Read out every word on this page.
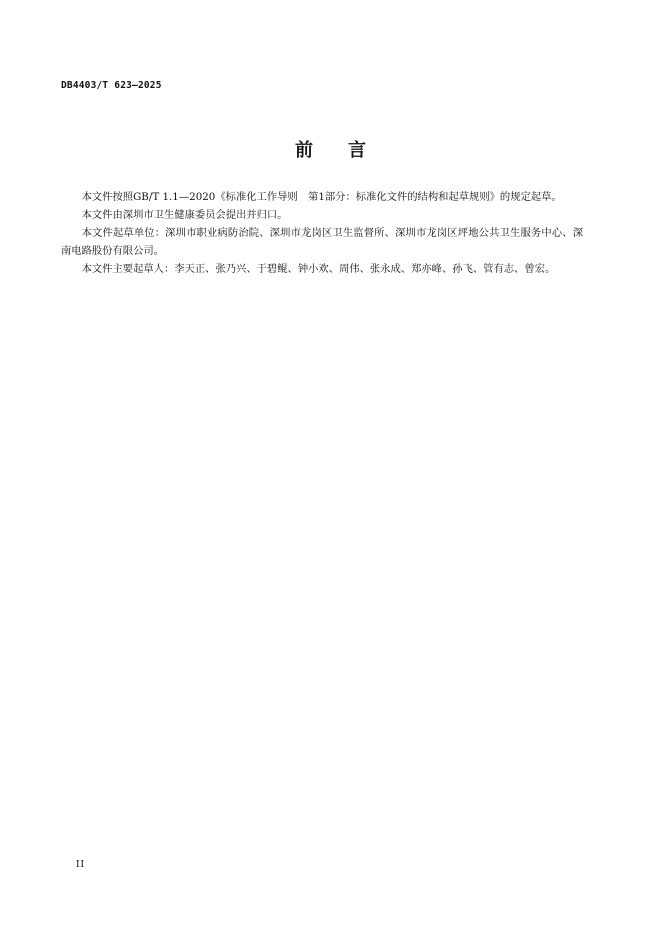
DB4403/T 623—2025
前 言

本文件按照GB/T 1.1—2020《标准化工作导则　第1部分：标准化文件的结构和起草规则》的规定起草。

本文件由深圳市卫生健康委员会提出并归口。

本文件起草单位：深圳市职业病防治院、深圳市龙岗区卫生监督所、深圳市龙岗区坪地公共卫生服务中心、深南电路股份有限公司。

本文件主要起草人：李天正、张乃兴、于碧鲲、钟小欢、周伟、张永成、郑亦峰、孙飞、管有志、曾宏。

II
